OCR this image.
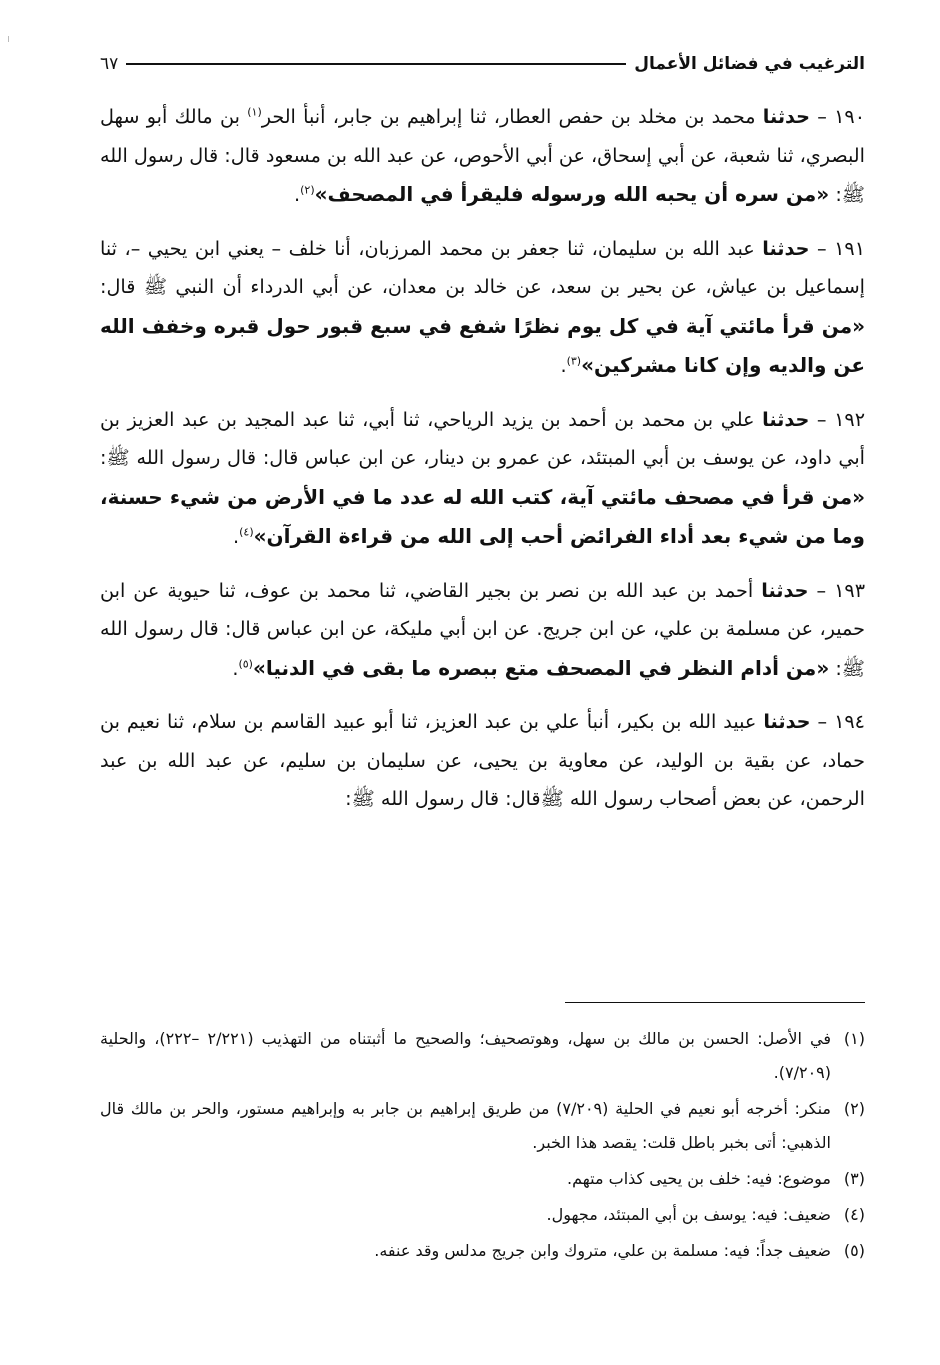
الترغيب في فضائل الأعمال
٦٧

١٩٠ – حدثنا محمد بن مخلد بن حفص العطار، ثنا إبراهيم بن جابر، أنبأ الحر$^{(١)}$ بن مالك أبو سهل البصري، ثنا شعبة، عن أبي إسحاق، عن أبي الأحوص، عن عبد الله بن مسعود قال: قال رسول الله ﷺ: «من سره أن يحبه الله ورسوله فليقرأ في المصحف»$^{(٢)}$.

١٩١ – حدثنا عبد الله بن سليمان، ثنا جعفر بن محمد المرزبان، أنا خلف – يعني ابن يحيي –، ثنا إسماعيل بن عياش، عن بحير بن سعد، عن خالد بن معدان، عن أبي الدرداء أن النبي ﷺ قال: «من قرأ مائتي آية في كل يوم نظرًا شفع في سبع قبور حول قبره وخفف الله عن والديه وإن كانا مشركين»$^{(٣)}$.

١٩٢ – حدثنا علي بن محمد بن أحمد بن يزيد الرياحي، ثنا أبي، ثنا عبد المجيد بن عبد العزيز بن أبي داود، عن يوسف بن أبي المبتئد، عن عمرو بن دينار، عن ابن عباس قال: قال رسول الله ﷺ: «من قرأ في مصحف مائتي آية، كتب الله له عدد ما في الأرض من شيء حسنة، وما من شيء بعد أداء الفرائض أحب إلى الله من قراءة القرآن»$^{(٤)}$.

١٩٣ – حدثنا أحمد بن عبد الله بن نصر بن بجير القاضي، ثنا محمد بن عوف، ثنا حيوية عن ابن حمير، عن مسلمة بن علي، عن ابن جريج. عن ابن أبي مليكة، عن ابن عباس قال: قال رسول الله ﷺ: «من أدام النظر في المصحف متع ببصره ما بقى في الدنيا»$^{(٥)}$.

١٩٤ – حدثنا عبيد الله بن بكير، أنبأ علي بن عبد العزيز، ثنا أبو عبيد القاسم بن سلام، ثنا نعيم بن حماد، عن بقية بن الوليد، عن معاوية بن يحيى، عن سليمان بن سليم، عن عبد الله بن عبد الرحمن، عن بعض أصحاب رسول الله ﷺقال: قال رسول الله ﷺ:

(١)في الأصل: الحسن بن مالك بن سهل، وهوتصحيف؛ والصحيح ما أثبتناه من التهذيب (٢/٢٢١ –٢٢٢)، والحلية (٧/٢٠٩).

(٢)منكر: أخرجه أبو نعيم في الحلية (٧/٢٠٩) من طريق إبراهيم بن جابر به وإبراهيم مستور، والحر بن مالك قال الذهبي: أتى بخبر باطل قلت: يقصد هذا الخبر.

(٣)موضوع: فيه: خلف بن يحيى كذاب متهم.

(٤)ضعيف: فيه: يوسف بن أبي المبتئد، مجهول.

(٥)ضعيف جداً: فيه: مسلمة بن علي، متروك وابن جريج مدلس وقد عنفه.
